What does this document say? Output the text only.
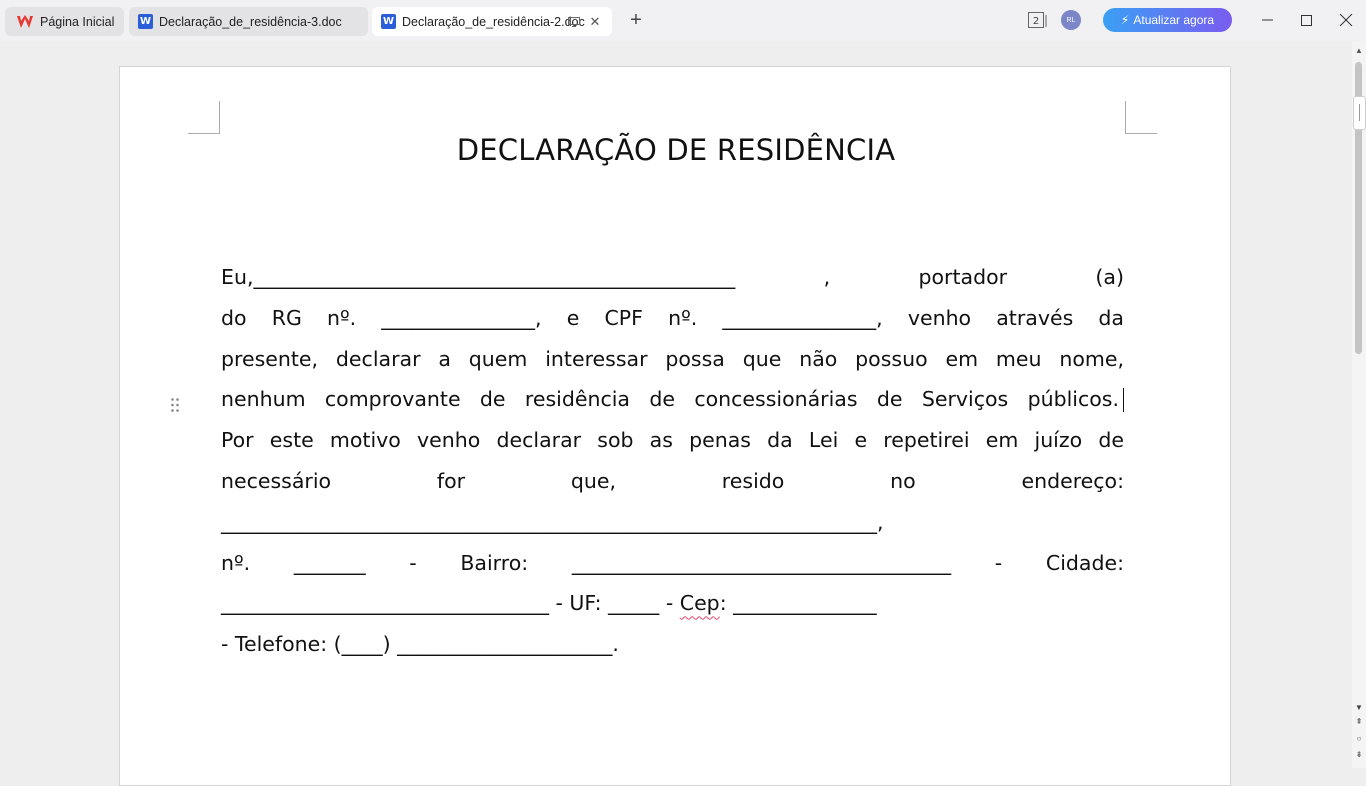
Página Inicial	W Declaração_de_residência-3.doc	W Declaração_de_residência-2.doc ✕ +	2	RL	⚡ Atualizar agora
DECLARAÇÃO DE RESIDÊNCIA
Eu,_______________________________________________ , portador (a)
do RG nº. _______________, e CPF nº. _______________, venho através da
presente, declarar a quem interessar possa que não possuo em meu nome,
nenhum comprovante de residência de concessionárias de Serviços públicos.
Por este motivo venho declarar sob as penas da Lei e repetirei em juízo de
necessário for que, resido no endereço:
________________________________________________________________,
nº. _______ - Bairro: _____________________________________ - Cidade:
________________________________ - UF: _____ - Cep: ______________
- Telefone: (____) _____________________.
▲
▼
⇞
○
⇟
